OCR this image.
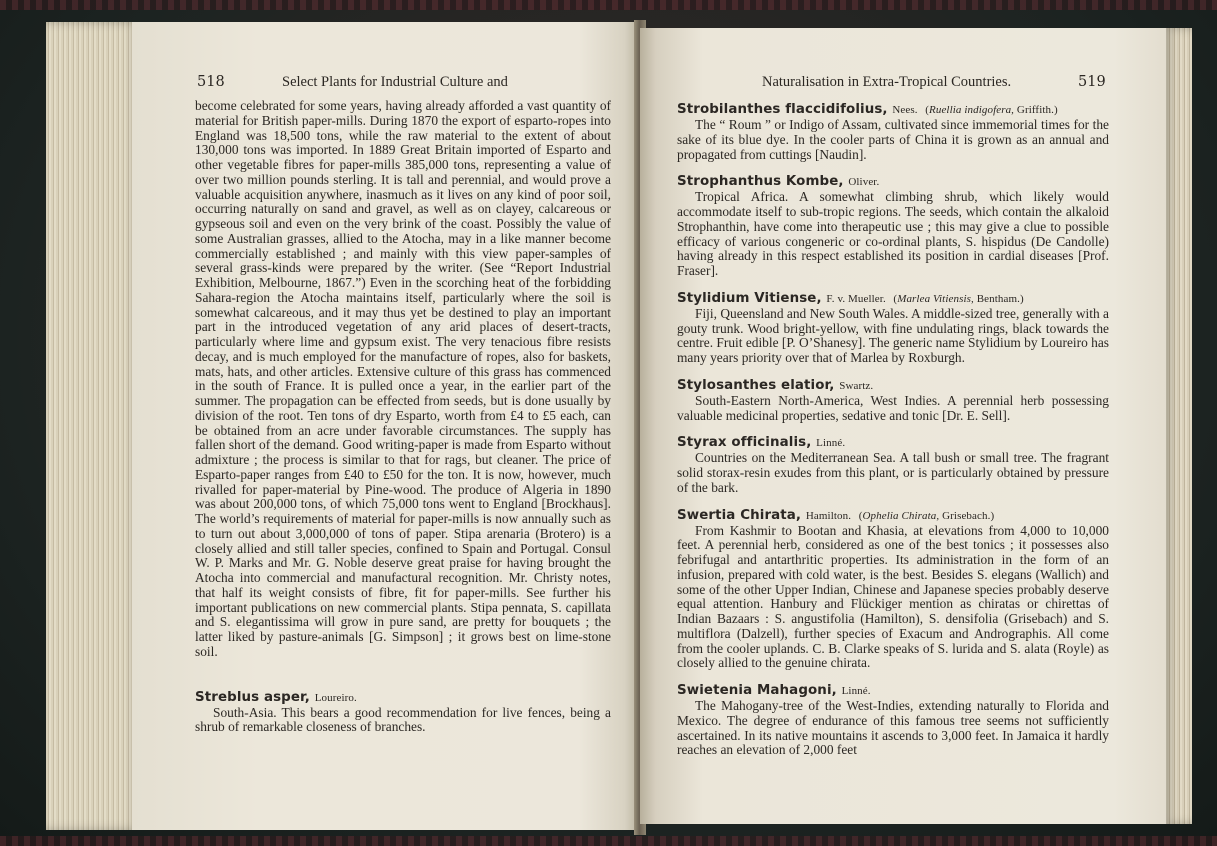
518	Select Plants for Industrial Culture and

become celebrated for some years, having already afforded a vast quantity of material for British paper-mills. During 1870 the export of esparto-ropes into England was 18,500 tons, while the raw material to the extent of about 130,000 tons was imported. In 1889 Great Britain imported of Esparto and other vegetable fibres for paper-mills 385,000 tons, representing a value of over two million pounds sterling. It is tall and perennial, and would prove a valuable acquisition anywhere, inasmuch as it lives on any kind of poor soil, occurring naturally on sand and gravel, as well as on clayey, calcareous or gypseous soil and even on the very brink of the coast. Possibly the value of some Australian grasses, allied to the Atocha, may in a like manner become commercially established ; and mainly with this view paper-samples of several grass-kinds were prepared by the writer. (See “Report Industrial Exhibition, Melbourne, 1867.”) Even in the scorching heat of the forbidding Sahara-region the Atocha maintains itself, particularly where the soil is somewhat calcareous, and it may thus yet be destined to play an important part in the introduced vegetation of any arid places of desert-tracts, particularly where lime and gypsum exist. The very tenacious fibre resists decay, and is much employed for the manufacture of ropes, also for baskets, mats, hats, and other articles. Extensive culture of this grass has commenced in the south of France. It is pulled once a year, in the earlier part of the summer. The propagation can be effected from seeds, but is done usually by division of the root. Ten tons of dry Esparto, worth from £4 to £5 each, can be obtained from an acre under favorable circumstances. The supply has fallen short of the demand. Good writing-paper is made from Esparto without admixture ; the process is similar to that for rags, but cleaner. The price of Esparto-paper ranges from £40 to £50 for the ton. It is now, however, much rivalled for paper-material by Pine-wood. The produce of Algeria in 1890 was about 200,000 tons, of which 75,000 tons went to England [Brockhaus]. The world’s requirements of material for paper-mills is now annually such as to turn out about 3,000,000 of tons of paper. Stipa arenaria (Brotero) is a closely allied and still taller species, confined to Spain and Portugal. Consul W. P. Marks and Mr. G. Noble deserve great praise for having brought the Atocha into commercial and manufactural recognition. Mr. Christy notes, that half its weight consists of fibre, fit for paper-mills. See further his important publications on new commercial plants. Stipa pennata, S. capillata and S. elegantissima will grow in pure sand, are pretty for bouquets ; the latter liked by pasture-animals [G. Simpson] ; it grows best on lime-stone soil.

Streblus asper, Loureiro.

South-Asia. This bears a good recommendation for live fences, being a shrub of remarkable closeness of branches.

Naturalisation in Extra-Tropical Countries.	519
Strobilanthes flaccidifolius, Nees. (Ruellia indigofera, Griffith.)

The “ Roum ” or Indigo of Assam, cultivated since immemorial times for the sake of its blue dye. In the cooler parts of China it is grown as an annual and propagated from cuttings [Naudin].

Strophanthus Kombe, Oliver.

Tropical Africa. A somewhat climbing shrub, which likely would accommodate itself to sub-tropic regions. The seeds, which contain the alkaloid Strophanthin, have come into therapeutic use ; this may give a clue to possible efficacy of various congeneric or co-ordinal plants, S. hispidus (De Candolle) having already in this respect established its position in cardial diseases [Prof. Fraser].

Stylidium Vitiense, F. v. Mueller. (Marlea Vitiensis, Bentham.)

Fiji, Queensland and New South Wales. A middle-sized tree, generally with a gouty trunk. Wood bright-yellow, with fine undulating rings, black towards the centre. Fruit edible [P. O’Shanesy]. The generic name Stylidium by Loureiro has many years priority over that of Marlea by Roxburgh.

Stylosanthes elatior, Swartz.

South-Eastern North-America, West Indies. A perennial herb possessing valuable medicinal properties, sedative and tonic [Dr. E. Sell].

Styrax officinalis, Linné.

Countries on the Mediterranean Sea. A tall bush or small tree. The fragrant solid storax-resin exudes from this plant, or is particularly obtained by pressure of the bark.

Swertia Chirata, Hamilton. (Ophelia Chirata, Grisebach.)

From Kashmir to Bootan and Khasia, at elevations from 4,000 to 10,000 feet. A perennial herb, considered as one of the best tonics ; it possesses also febrifugal and antarthritic properties. Its administration in the form of an infusion, prepared with cold water, is the best. Besides S. elegans (Wallich) and some of the other Upper Indian, Chinese and Japanese species probably deserve equal attention. Hanbury and Flückiger mention as chiratas or chirettas of Indian Bazaars : S. angustifolia (Hamilton), S. densifolia (Grisebach) and S. multiflora (Dalzell), further species of Exacum and Andrographis. All come from the cooler uplands. C. B. Clarke speaks of S. lurida and S. alata (Royle) as closely allied to the genuine chirata.

Swietenia Mahagoni, Linné.

The Mahogany-tree of the West-Indies, extending naturally to Florida and Mexico. The degree of endurance of this famous tree seems not sufficiently ascertained. In its native mountains it ascends to 3,000 feet. In Jamaica it hardly reaches an elevation of 2,000 feet
